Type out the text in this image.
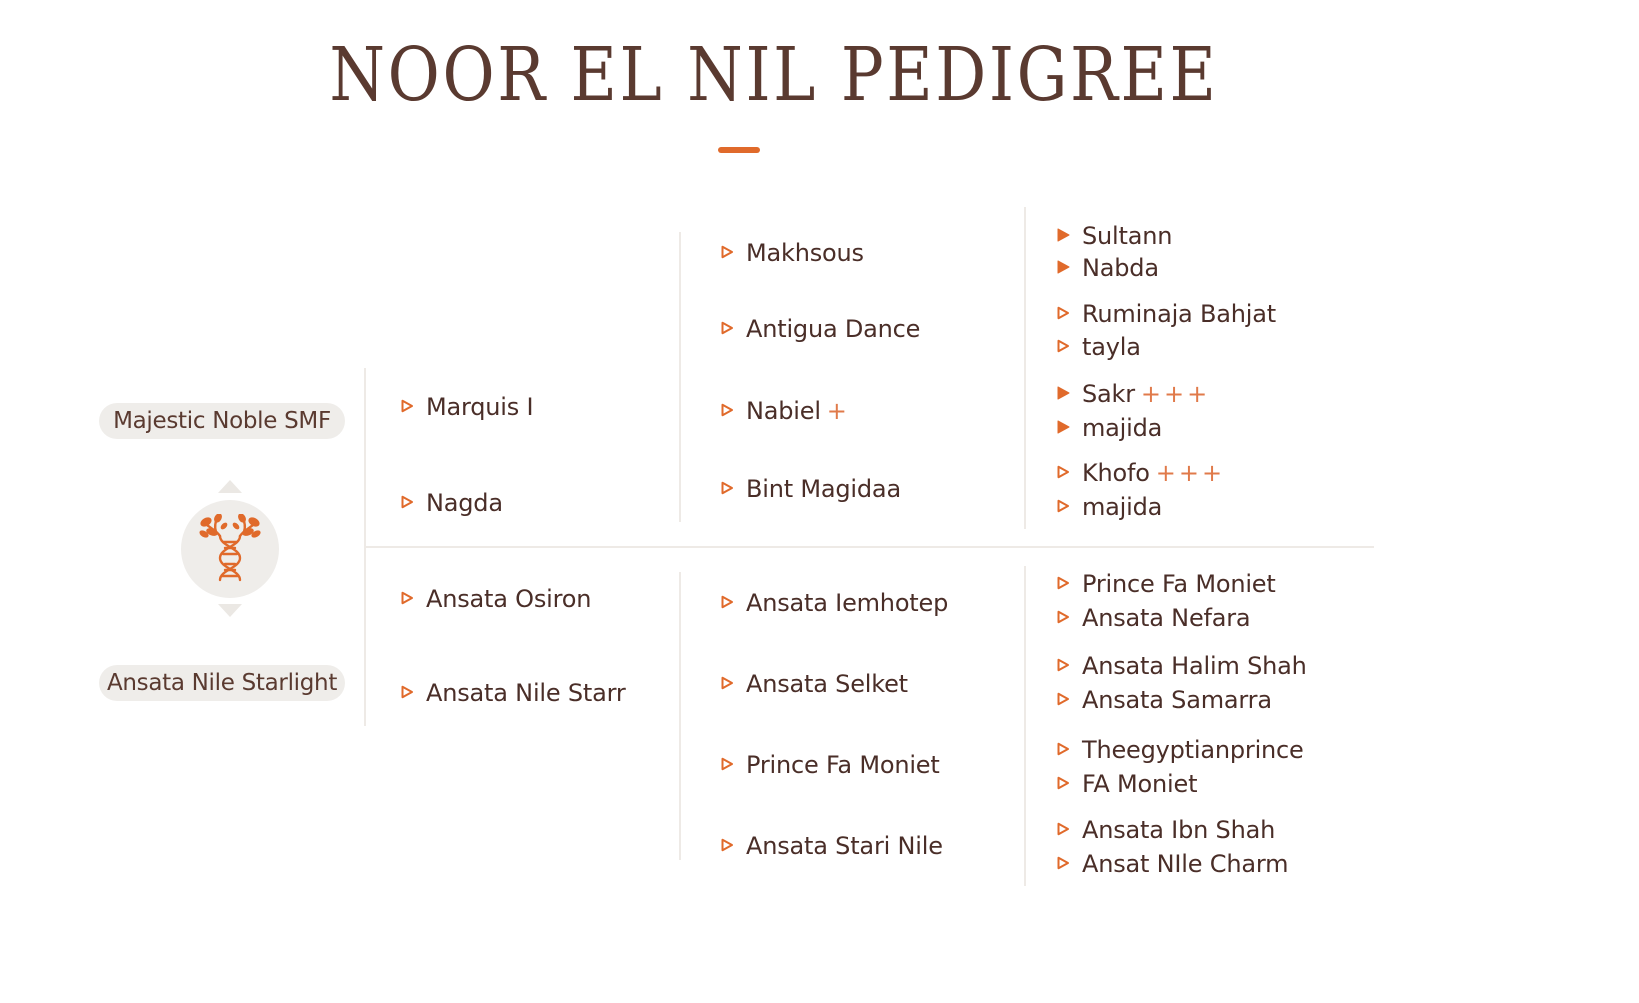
NOOR EL NIL PEDIGREE
Majestic Noble SMF
Ansata Nile Starlight
Marquis I
Nagda
Ansata Osiron
Ansata Nile Starr
Makhsous
Antigua Dance
Nabiel +
Bint Magidaa
Ansata Iemhotep
Ansata Selket
Prince Fa Moniet
Ansata Stari Nile
Sultann
Nabda
Ruminaja Bahjat
tayla
Sakr +++
majida
Khofo +++
majida
Prince Fa Moniet
Ansata Nefara
Ansata Halim Shah
Ansata Samarra
Theegyptianprince
FA Moniet
Ansata Ibn Shah
Ansat NIle Charm
